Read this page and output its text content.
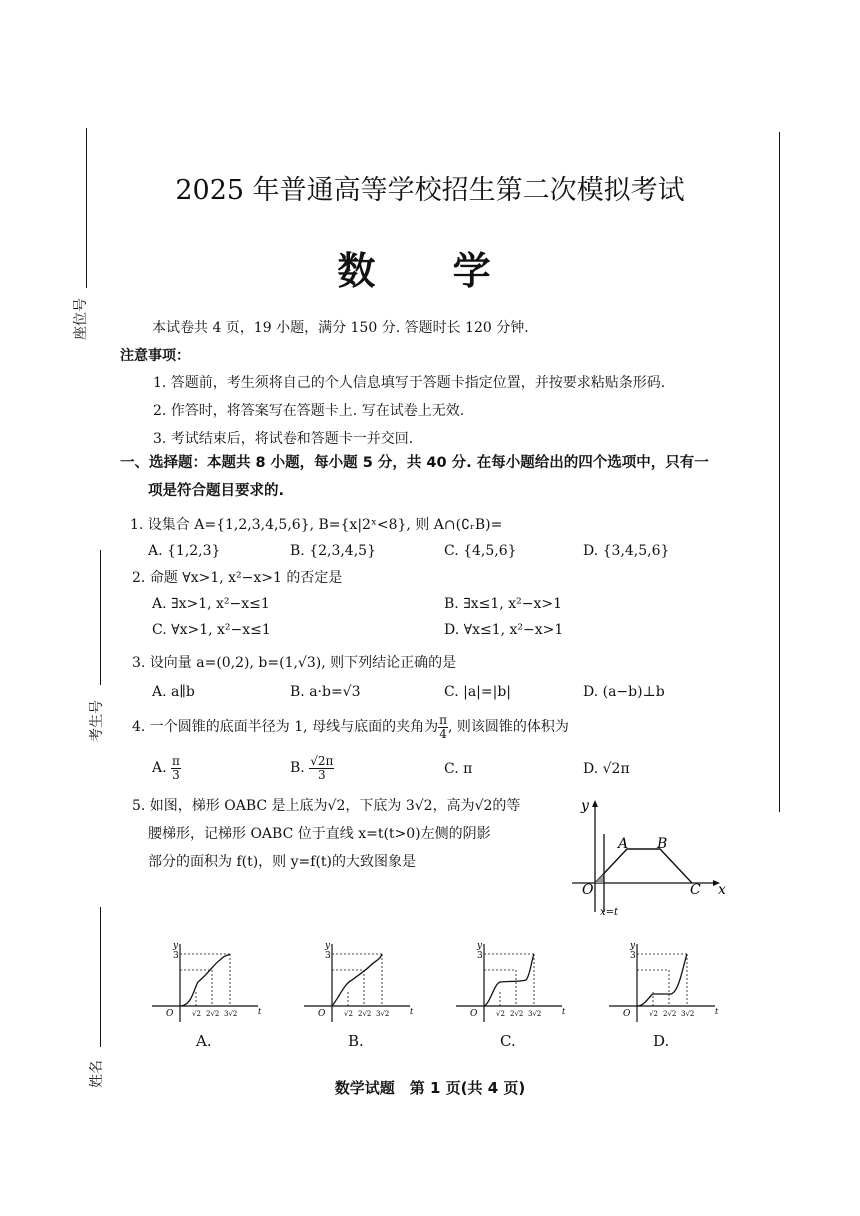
座位号
考生号
姓名
2025 年普通高等学校招生第二次模拟考试
数 学
本试卷共 4 页，19 小题，满分 150 分. 答题时长 120 分钟.
注意事项：
1. 答题前，考生须将自己的个人信息填写于答题卡指定位置，并按要求粘贴条形码.
2. 作答时，将答案写在答题卡上. 写在试卷上无效.
3. 考试结束后，将试卷和答题卡一并交回.
一、选择题：本题共 8 小题，每小题 5 分，共 40 分. 在每小题给出的四个选项中，只有一
项是符合题目要求的.
1. 设集合 A={1,2,3,4,5,6}, B={x|2ˣ<8}, 则 A∩(∁ᵣB)=
A. {1,2,3}	B. {2,3,4,5}	C. {4,5,6}	D. {3,4,5,6}
2. 命题 ∀x>1, x²−x>1 的否定是
A. ∃x>1, x²−x≤1	B. ∃x≤1, x²−x>1
C. ∀x>1, x²−x≤1	D. ∀x≤1, x²−x>1
3. 设向量 a=(0,2), b=(1,√3), 则下列结论正确的是
A. a∥b	B. a·b=√3	C. |a|=|b|	D. (a−b)⊥b
4. 一个圆锥的底面半径为 1, 母线与底面的夹角为 $\frac{\pi}{4}$ , 则该圆锥的体积为
A. $\frac{\pi}{3}$	B. $\frac{√2\pi}{3}$	C. π	D. √2π
5. 如图，梯形 OABC 是上底为√2，下底为 3√2，高为√2的等
腰梯形，记梯形 OABC 位于直线 x=t(t>0)左侧的阴影
部分的面积为 f(t)，则 y=f(t)的大致图象是
y
x
O
A B
C
x=t
y
3
O	√2 2√2 3√2	t
A.
y
3
O	√2 2√2 3√2	t
B.
y
3
O	√2 2√2 3√2	t
C.
y
3
O	√2 2√2 3√2	t
D.
数学试题　第 1 页(共 4 页)
